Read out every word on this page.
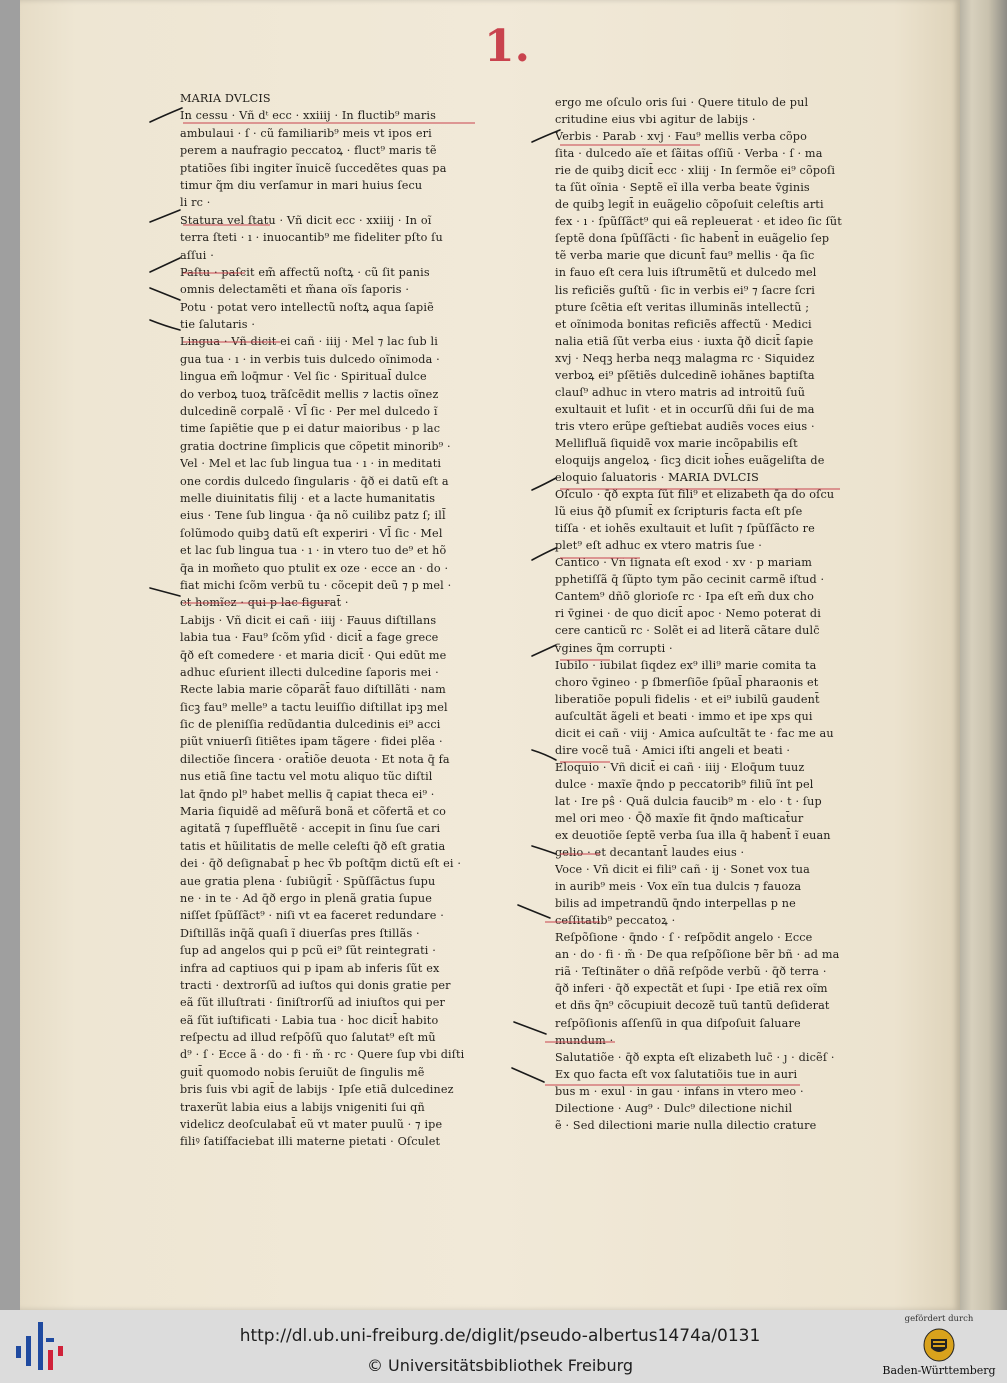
1.
MARIA DVLCIS
In cessu · Vñ dᵗ ecc · xxiiij · In fluctib⁹ maris
ambulaui · ſ · cũ familiarib⁹ meis vt ipos eri
perem a naufragio peccatoꝝ · fluct⁹ maris tẽ
ptatiões ſibi ingiter ĩnuicẽ ſuccedẽtes quas pa
timur q̃m diu verſamur in mari huius ſecu
li rc ·
Statura vel ſtatu · Vñ dicit ecc · xxiiij · In oĩ
terra ſteti · ı · inuocantib⁹ me fideliter pſto ſu
aſſui ·
Paſtu · paſcit em̃ affectũ noſtꝝ · cũ ſit panis
omnis delectamẽti et m̃ana oĩs ſaporis ·
Potu · potat vero intellectũ noſtꝝ aqua ſapiẽ
tie ſalutaris ·
Lingua · Vñ dicit ei cañ · iiij · Mel ⁊ lac ſub li
gua tua · ı · in verbis tuis dulcedo oĩnimoda ·
lingua em̃ loq̄mur · Vel ſic · Spiritual̄ dulce
do verboꝝ tuoꝝ trãſcẽdit mellis ⁊ lactis oĩnez
dulcedinẽ corpalẽ · Vl̄ ſic · Per mel dulcedo ĩ
time ſapiẽtie que p ei datur maioribus · p lac
gratia doctrine ſimplicis que cõpetit minorib⁹ ·
Vel · Mel et lac ſub lingua tua · ı · in meditati
one cordis dulcedo ſingularis · q̄ð ei datũ eſt a
melle diuinitatis filij · et a lacte humanitatis
eius · Tene ſub lingua · q̄a nõ cuilibz patz ſ; ill̄
ſolũmodo quibꝫ datũ eſt experiri · Vl̄ ſic · Mel
et lac ſub lingua tua · ı · in vtero tuo de⁹ et hõ
q̄a in mom̃eto quo ptulit ex oze · ecce an · do ·
fiat michi ſcõm verbũ tu · cõcepit deũ ⁊ p mel ·
et homĩez · qui p lac figurat̄ ·
Labijs · Vñ dicit ei cañ · iiij · Fauus diſtillans
labia tua · Fau⁹ ſcõm yſid · dicit̄ a fage grece
q̄ð eſt comedere · et maria dicit̄ · Qui edũt me
adhuc eſurient illecti dulcedine ſaporis mei ·
Recte labia marie cõparãt̄ fauo diſtillãti · nam
ſicꝫ fau⁹ melle⁹ a tactu leuiſſio diſtillat ipꝫ mel
ſic de pleniſſia redũdantia dulcedinis ei⁹ acci
piũt vniuerſi ſitiẽtes ipam tãgere · fidei plẽa ·
dilectiõe ſincera · orat̄iõe deuota · Et nota q̄ fa
nus etiã ſine tactu vel motu aliquo tũc diſtil
lat q̄ndo pl⁹ habet mellis q̄ capiat theca ei⁹ ·
Maria ſiquidẽ ad mẽſurã bonã et cõfertã et co
agitatã ⁊ ſupeffluẽtẽ · accepit in ſinu ſue cari
tatis et hũilitatis de melle celeſti q̄ð eſt gratia
dei · q̄ð deſignabat̄ p hec v̄b poſtq̄m dictũ eſt ei ·
aue gratia plena · ſubiũgit̄ · Spũſſãctus ſupu
ne · in te · Ad q̄ð ergo in plenã gratia ſupue
niſſet ſpũſſãct⁹ · niſi vt ea faceret redundare ·
Diſtillãs inq̄ã quaſi ĩ diuerſas pres ſtillãs ·
ſup ad angelos qui p pcũ ei⁹ ſũt reintegrati ·
infra ad captiuos qui p ipam ab inferis ſũt ex
tracti · dextrorſũ ad iuſtos qui donis gratie per
eã ſũt illuſtrati · ſiniſtrorſũ ad iniuſtos qui per
eã ſũt iuſtificati · Labia tua · hoc dicit̄ habito
reſpectu ad illud reſpõſũ quo ſalutat⁹ eſt mũ
d⁹ · ſ · Ecce ã · do · fi · m̃ · rc · Quere ſup vbi diſti
guit̄ quomodo nobis ſeruiũt de ſingulis mẽ
bris ſuis vbi agit̄ de labijs · Ipſe etiã dulcedinez
traxerũt labia eius a labijs vnigeniti ſui qñ
videlicz deoſculabat̄ eũ vt mater puulũ · ⁊ ipe
filiꝰ ſatiſfaciebat illi materne pietati · Oſculet
ergo me oſculo oris ſui · Quere titulo de pul
critudine eius vbi agitur de labijs ·
Verbis · Parab · xvj · Fau⁹ mellis verba cõpo
ſita · dulcedo aĩe et ſãitas oſſiũ · Verba · ſ · ma
rie de quibꝫ dicit̄ ecc · xliij · In ſermõe ei⁹ cõpoſi
ta ſũt oĩnia · Septẽ eĩ illa verba beate v̄ginis
de quibꝫ legit̄ in euãgelio cõpoſuit celeſtis arti
fex · ı · ſpũſſãct⁹ qui eã repleuerat · et ideo ſic ſũt
ſeptẽ dona ſpũſſãcti · ſic habent̄ in euãgelio ſep
tẽ verba marie que dicunt̄ fau⁹ mellis · q̄a ſic
in fauo eſt cera luis iſtrumẽtũ et dulcedo mel
lis reficiẽs guſtũ · ſic in verbis ei⁹ ⁊ ſacre ſcri
pture ſcẽtia eſt veritas illuminãs intellectũ ;
et oĩnimoda bonitas reficiẽs affectũ · Medici
nalia etiã ſũt verba eius · iuxta q̄ð dicit̄ ſapie
xvj · Neqꝫ herba neqꝫ malagma rc · Siquidez
verboꝝ ei⁹ pſẽtiẽs dulcedinẽ iohãnes baptiſta
clauſ⁹ adhuc in vtero matris ad introitũ ſuũ
exultauit et luſit · et in occurſũ dñi ſui de ma
tris vtero erũpe geſtiebat audiẽs voces eius ·
Mellifluã ſiquidẽ vox marie incõpabilis eſt
eloquijs angeloꝝ · ſicꝫ dicit ioh̄es euãgeliſta de
eloquio ſaluatoris · MARIA DVLCIS
Oſculo · q̄ð expta ſũt fili⁹ et elizabeth q̄a do oſcu
lũ eius q̄ð pſumit̄ ex ſcripturis facta eſt pſe
tiſſa · et iohẽs exultauit et luſit ⁊ ſpũſſãcto re
plet⁹ eſt adhuc ex vtero matris ſue ·
Cantico · Vñ ſignata eſt exod · xv · p mariam
pphetiſſã q̄ ſũpto tym pão cecinit carmẽ iſtud ·
Cantem⁹ dñõ glorioſe rc · Ipa eſt em̃ dux cho
ri v̄ginei · de quo dicit̄ apoc · Nemo poterat di
cere canticũ rc · Solẽt ei ad literã cãtare dulc̄
v̄gines q̃m corrupti ·
Iubilo · iubilat ſiqdez ex⁹ illi⁹ marie comita ta
choro v̄gineo · p ſbmerſiõe ſpũal̄ pharaonis et
liberatiõe populi fidelis · et ei⁹ iubilũ gaudent̄
auſcultãt ãgeli et beati · immo et ipe xps qui
dicit ei cañ · viij · Amica auſcultãt te · fac me au
dire vocẽ tuã · Amici iſti angeli et beati ·
Eloquio · Vñ dicit̄ ei cañ · iiij · Eloq̄um tuuz
dulce · maxĩe q̄ndo p peccatorib⁹ filiũ ĩnt pel
lat · Ire pŝ · Quã dulcia faucib⁹ m · elo · t · ſup
mel ori meo · Q̄ð maxĩe fit q̄ndo maſticat̄ur
ex deuotiõe ſeptẽ verba ſua illa q̄ habent̄ ĩ euan
gelio · et decantant̄ laudes eius ·
Voce · Vñ dicit ei fili⁹ cañ · ij · Sonet vox tua
in aurib⁹ meis · Vox eĩn tua dulcis ⁊ fauoza
bilis ad impetrandũ q̄ndo interpellas p ne
ceſſitatib⁹ peccatoꝝ ·
Reſpõſione · q̄ndo · ſ · reſpõdit angelo · Ecce
an · do · fi · m̃ · De qua reſpõſione bẽr bñ · ad ma
riã · Teſtinãter o dñã reſpõde verbũ · q̄ð terra ·
q̄ð inferi · q̄ð expectãt et ſupi · Ipe etiã rex oĩm
et dñs q̃n⁹ cõcupiuit decozẽ tuũ tantũ deſiderat
reſpõſionis aſſenſũ in qua diſpoſuit ſaluare
mundum ·
Salutatiõe · q̄ð expta eſt elizabeth luc̄ · ȷ · dicẽſ ·
Ex quo facta eſt vox ſalutatiõis tue in auri
bus m · exul · in gau · infans in vtero meo ·
Dilectione · Aug⁹ · Dulc⁹ dilectione nichil
ẽ · Sed dilectioni marie nulla dilectio crature
http://dl.ub.uni-freiburg.de/diglit/pseudo-albertus1474a/0131
© Universitätsbibliothek Freiburg
gefördert durch
Baden-Württemberg
